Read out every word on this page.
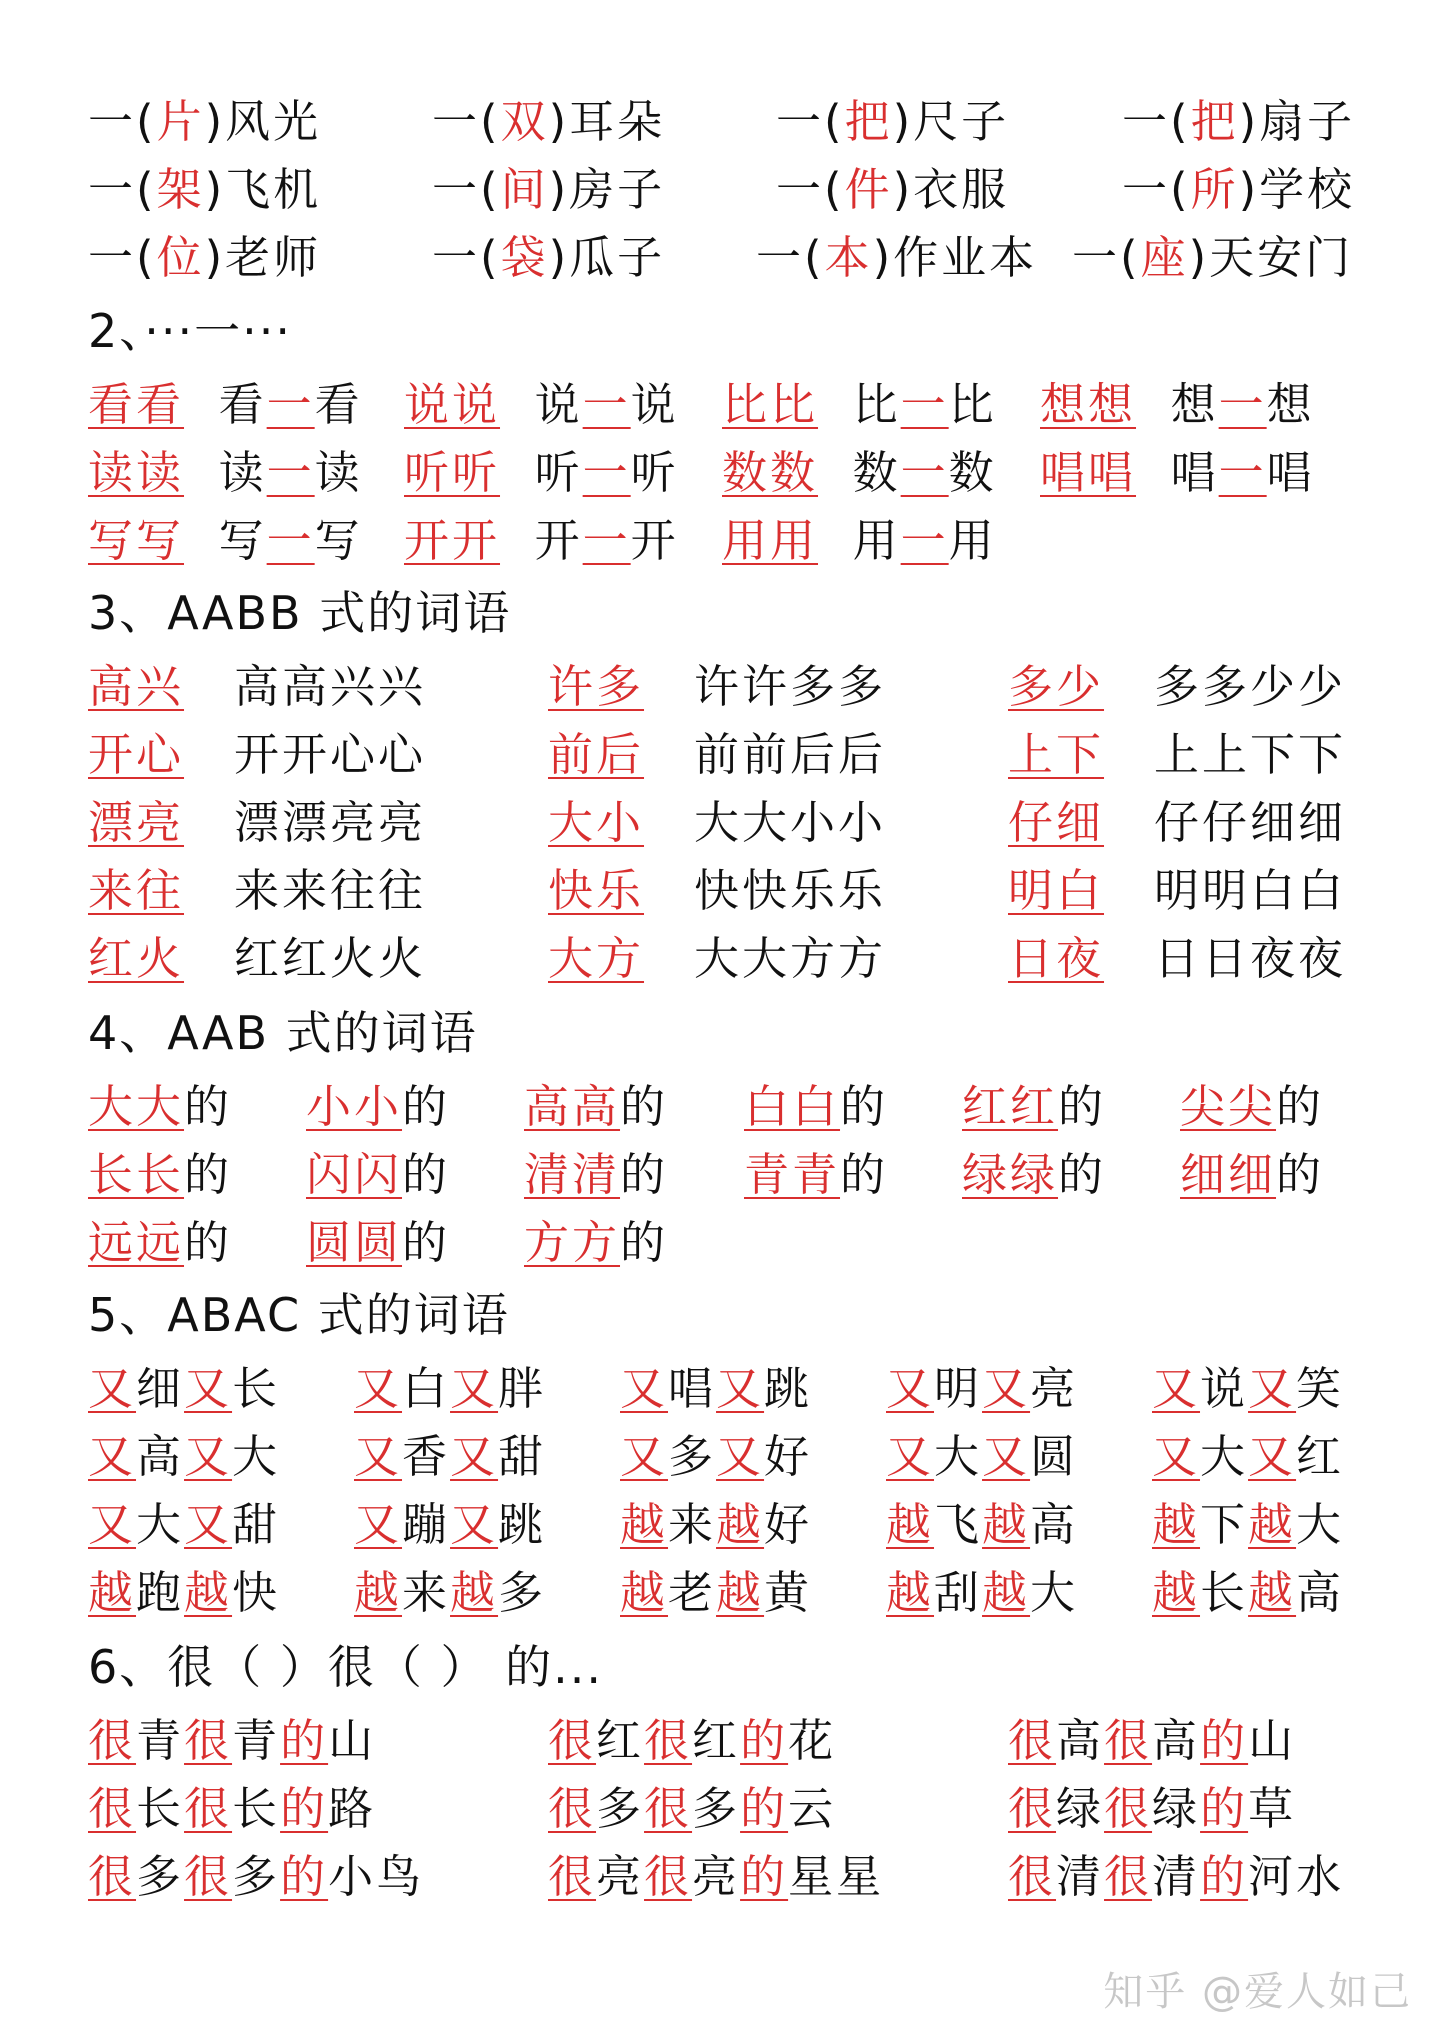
一(片)风光 一(双)耳朵 一(把)尺子	一(把)扇子
一(架)飞机 一(间)房子 一(件)衣服	一(所)学校
一(位)老师 一(袋)瓜子 一(本)作业本 一(座)天安门
2、···一···
看看 看一看 说说 说一说 比比 比一比 想想 想一想
读读 读一读 听听 听一听 数数 数一数 唱唱 唱一唱
写写 写一写 开开 开一开 用用 用一用
3、AABB 式的词语
高兴 高高兴兴	许多 许许多多	多少 多多少少
开心 开开心心	前后 前前后后	上下 上上下下
漂亮 漂漂亮亮	大小 大大小小	仔细 仔仔细细
来往 来来往往	快乐 快快乐乐	明白 明明白白
红火 红红火火	大方 大大方方	日夜 日日夜夜
4、AAB 式的词语
大大的 小小的 高高的 白白的 红红的 尖尖的
长长的 闪闪的 清清的 青青的 绿绿的 细细的
远远的 圆圆的 方方的
5、ABAC 式的词语
又细又长 又白又胖 又唱又跳 又明又亮 又说又笑
又高又大 又香又甜 又多又好 又大又圆 又大又红
又大又甜 又蹦又跳 越来越好 越飞越高 越下越大
越跑越快 越来越多 越老越黄 越刮越大 越长越高
6、很（ ）很（ ） 的...
很青很青的山	很红很红的花	很高很高的山
很长很长的路	很多很多的云	很绿很绿的草
很多很多的小鸟	很亮很亮的星星	很清很清的河水
知乎 @爱人如己
